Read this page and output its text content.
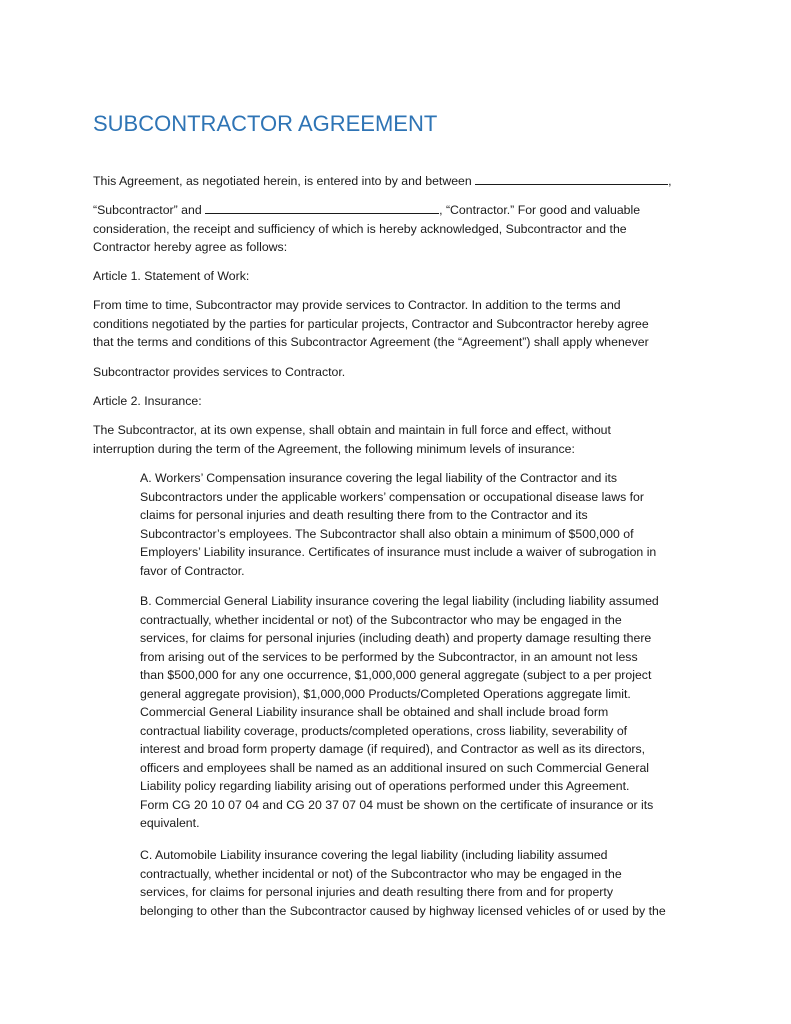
SUBCONTRACTOR AGREEMENT
This Agreement, as negotiated herein, is entered into by and between	,
“Subcontractor” and	, “Contractor.” For good and valuable
consideration, the receipt and sufficiency of which is hereby acknowledged, Subcontractor and the
Contractor hereby agree as follows:
Article 1. Statement of Work:
From time to time, Subcontractor may provide services to Contractor. In addition to the terms and
conditions negotiated by the parties for particular projects, Contractor and Subcontractor hereby agree
that the terms and conditions of this Subcontractor Agreement (the “Agreement”) shall apply whenever
Subcontractor provides services to Contractor.
Article 2. Insurance:
The Subcontractor, at its own expense, shall obtain and maintain in full force and effect, without
interruption during the term of the Agreement, the following minimum levels of insurance:
A. Workers’ Compensation insurance covering the legal liability of the Contractor and its
Subcontractors under the applicable workers’ compensation or occupational disease laws for
claims for personal injuries and death resulting there from to the Contractor and its
Subcontractor’s employees. The Subcontractor shall also obtain a minimum of $500,000 of
Employers’ Liability insurance. Certificates of insurance must include a waiver of subrogation in
favor of Contractor.
B. Commercial General Liability insurance covering the legal liability (including liability assumed
contractually, whether incidental or not) of the Subcontractor who may be engaged in the
services, for claims for personal injuries (including death) and property damage resulting there
from arising out of the services to be performed by the Subcontractor, in an amount not less
than $500,000 for any one occurrence, $1,000,000 general aggregate (subject to a per project
general aggregate provision), $1,000,000 Products/Completed Operations aggregate limit.
Commercial General Liability insurance shall be obtained and shall include broad form
contractual liability coverage, products/completed operations, cross liability, severability of
interest and broad form property damage (if required), and Contractor as well as its directors,
officers and employees shall be named as an additional insured on such Commercial General
Liability policy regarding liability arising out of operations performed under this Agreement.
Form CG 20 10 07 04 and CG 20 37 07 04 must be shown on the certificate of insurance or its
equivalent.
C. Automobile Liability insurance covering the legal liability (including liability assumed
contractually, whether incidental or not) of the Subcontractor who may be engaged in the
services, for claims for personal injuries and death resulting there from and for property
belonging to other than the Subcontractor caused by highway licensed vehicles of or used by the
